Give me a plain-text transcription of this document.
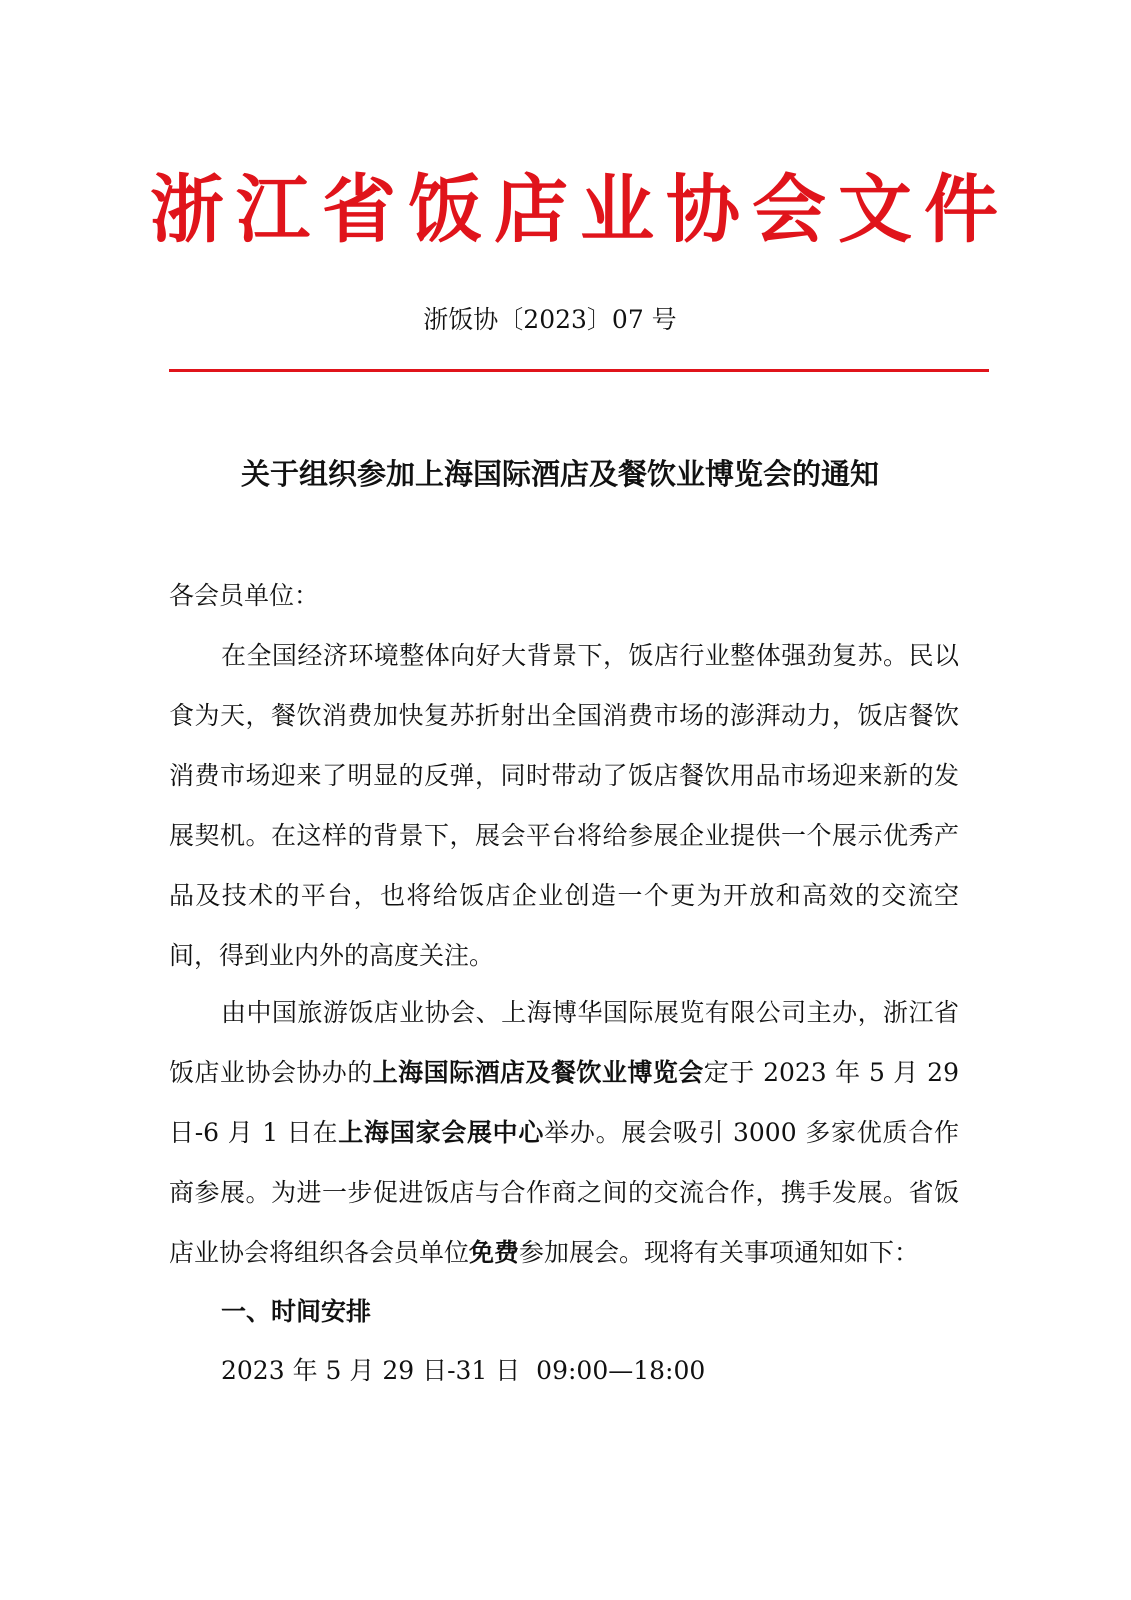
浙江省饭店业协会文件
浙饭协〔2023〕07 号
关于组织参加上海国际酒店及餐饮业博览会的通知
各会员单位：

在全国经济环境整体向好大背景下，饭店行业整体强劲复苏。民以食为天，餐饮消费加快复苏折射出全国消费市场的澎湃动力，饭店餐饮消费市场迎来了明显的反弹，同时带动了饭店餐饮用品市场迎来新的发展契机。在这样的背景下，展会平台将给参展企业提供一个展示优秀产品及技术的平台，也将给饭店企业创造一个更为开放和高效的交流空间，得到业内外的高度关注。

由中国旅游饭店业协会、上海博华国际展览有限公司主办，浙江省饭店业协会协办的上海国际酒店及餐饮业博览会定于 2023 年 5 月 29 日-6 月 1 日在上海国家会展中心举办。展会吸引 3000 多家优质合作商参展。为进一步促进饭店与合作商之间的交流合作，携手发展。省饭店业协会将组织各会员单位免费参加展会。现将有关事项通知如下：

一、时间安排
2023 年 5 月 29 日-31 日  09:00—18:00
